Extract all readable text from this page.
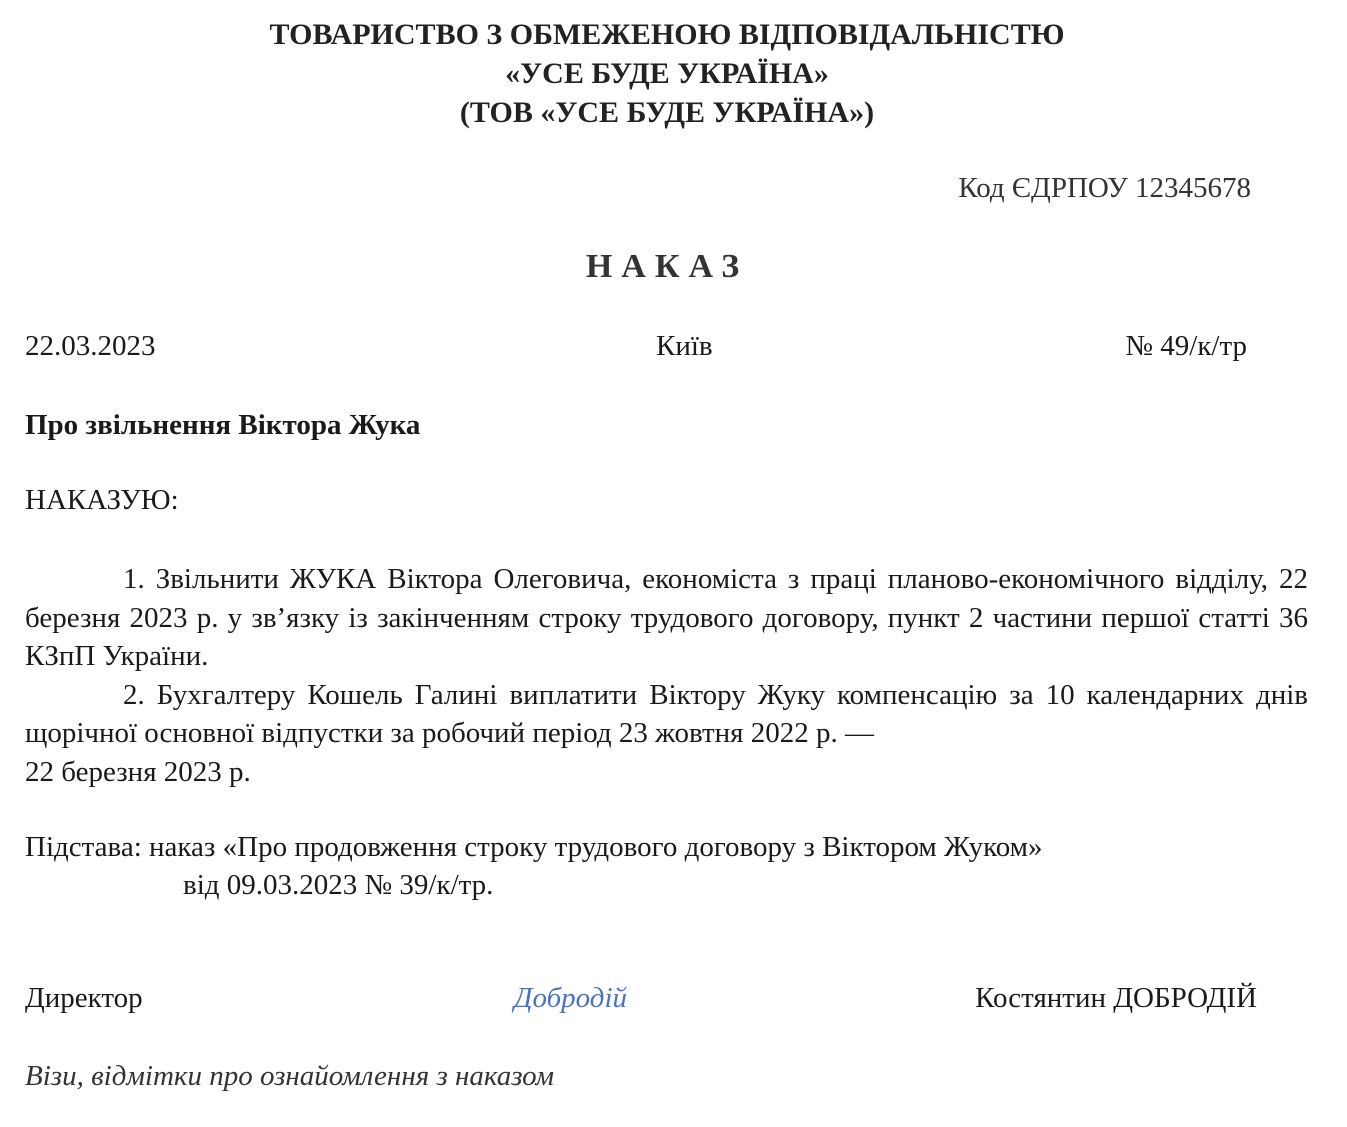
ТОВАРИСТВО З ОБМЕЖЕНОЮ ВІДПОВІДАЛЬНІСТЮ
«УСЕ БУДЕ УКРАЇНА»
(ТОВ «УСЕ БУДЕ УКРАЇНА»)
Код ЄДРПОУ 12345678
НАКАЗ
22.03.2023	Київ	№ 49/к/тр
Про звільнення Віктора Жука
НАКАЗУЮ:

1. Звільнити ЖУКА Віктора Олеговича, економіста з праці планово-економічного відділу, 22 березня 2023 р. у зв’язку із закінченням строку трудового договору, пункт 2 частини першої статті 36 КЗпП України.

2. Бухгалтеру Кошель Галині виплатити Віктору Жуку компенсацію за 10 календарних днів щорічної основної відпустки за робочий період 23 жовтня 2022 р. —

22 березня 2023 р.

Підстава: наказ «Про продовження строку трудового договору з Віктором Жуком»
від 09.03.2023 № 39/к/тр.
Директор	Добродій	Костянтин ДОБРОДІЙ
Візи, відмітки про ознайомлення з наказом
